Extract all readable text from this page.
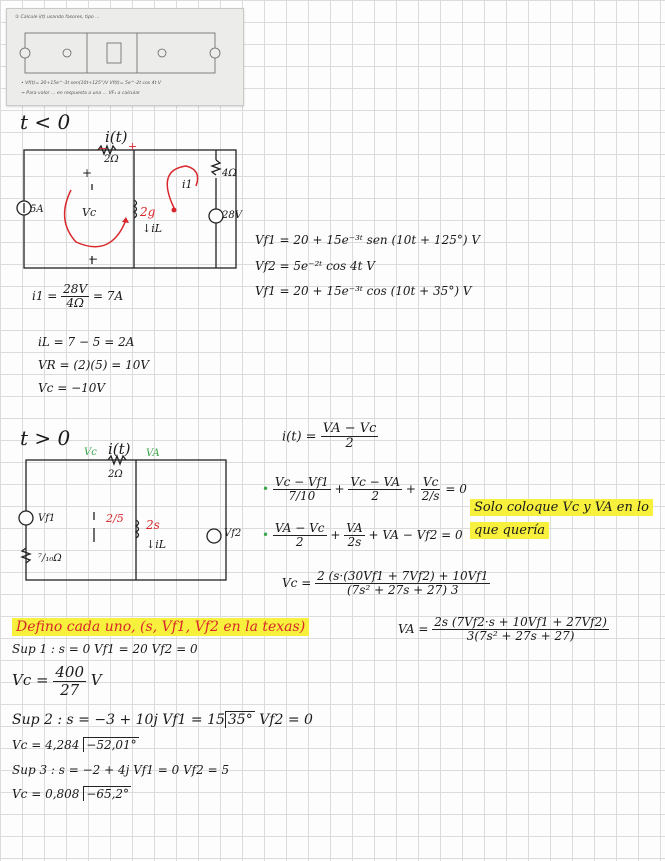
① Calcule i(t) usando fasores, tipo ...
• Vf(t)= 20+15e^-3t sen(10t+125°)V Vf(t)= 5e^-2t cos 4t V
→ Para valor ... en respuesta a una ... VF₁ a calcular
t < 0
i(t)
− +
2Ω
+
5A	Vc	2g
↓iL
i1
4Ω
28V
−
Vf1 = 20 + 15e⁻³ᵗ sen (10t + 125°) V
Vf2 = 5e⁻²ᵗ cos 4t V
Vf1 = 20 + 15e⁻³ᵗ cos (10t + 35°) V
$i1 = \frac{28V}{4\Omega} = 7A$
iL = 7 − 5 = 2A
VR = (2)(5) = 10V
Vc = −10V
t > 0
Vc i(t) VA
2Ω
Vf1
⁷/₁₀Ω
2/5 2s
↓iL
Vf2
$i(t) = \frac{VA - Vc}{2}$
• $\frac{Vc - Vf1}{7/10} + \frac{Vc - VA}{2} + \frac{Vc}{2/s} = 0$
• $\frac{VA - Vc}{2} + \frac{VA}{2s}$ + VA − Vf2 = 0
Solo coloque Vc y VA en lo
que quería
$Vc = \frac{2 (s\cdot(30Vf1 + 7Vf2) + 10Vf1}{\text{(7s² + 27s + 27) 3}}$
VA = $\frac{2s (7Vf2\cdot s + 10Vf1 + 27Vf2)}{\text{3(7s² + 27s + 27)}}$
Defino cada uno, (s, Vf1, Vf2 en la texas)
Sup 1 : s = 0 Vf1 = 20 Vf2 = 0
$Vc = \frac{400}{27}$ V
Sup 2 : s = −3 + 10j Vf1 = 15 35° Vf2 = 0
Vc = 4,284 −52,01°
Sup 3 : s = −2 + 4j Vf1 = 0 Vf2 = 5
Vc = 0,808 −65,2°
